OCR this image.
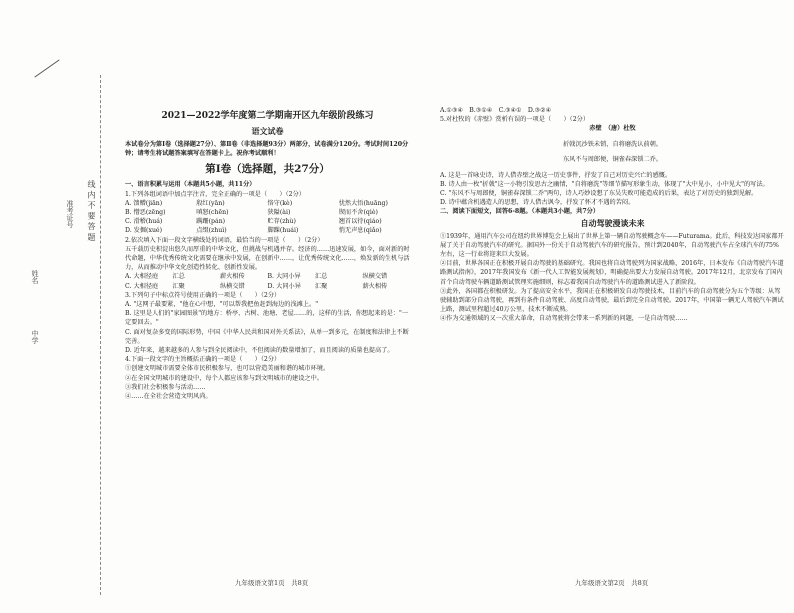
中学
姓名
准考证号	线 内 不 要 答 题
2021—2022学年度第二学期南开区九年级阶段练习
语文试卷

本试卷分为第Ⅰ卷（选择题27分）、第Ⅱ卷（非选择题93分）两部分，试卷满分120分。考试时间120分钟；请考生将试题答案填写在答题卡上。祝你考试顺利！

第Ⅰ卷（选择题，共27分）

一、语言积累与运用（本题共5小题，共11分）

1.下列各组词语中加点字注音，完全正确的一项是（　　）（2分）

A. 馈赠(jiān)	殷红(yān)	恪守(kè)	忧然大悟(huāng)
B. 憎恶(zēng)	嗔怒(chēn)	狭隘(ài)	锲而不舍(qiè)
C. 滑稽(huá)	蹒跚(pán)	贮存(zhù)	翘首以待(qiáo)
D. 发掘(xué)	点缀(zhuì)	脚踝(huái)	悄无声息(qiǎo)

2.依次填入下面一段文字横线处的词语，最恰当的一项是（　　）（2分）

五千载历史积淀出悠久而厚重的中华文化，但挑战与机遇并存。经济的……迅速发展，如今，面对新的时代命题，中华优秀传统文化需要在继承中发展，在创新中……，让优秀传统文化……，焕发新的生机与活力，从而推动中华文化创造性转化、创新性发展。

A. 大相径庭	汇总	薪火相传	B. 大同小异	汇总	纵横交错
C. 大相径庭	汇聚	纵横交错	D. 大同小异	汇聚	薪火相传

3.下列句子中标点符号使用正确的一项是（　　）（2分）

A. "这网子最要紧，"他在心中想，"可以帮我把鱼赶到海边的浅滩上。"

B. 这里是人们的"家园图景"的地方：桥亭、古树、池塘、老屋……的，这样的生活，你想起来的是："一定要回去。"

C. 面对复杂多变的国际形势，中国《中华人民共和国对外关系法》，从单一到多元，在制度和法律上不断完善。

D. 近年来，越来越多的人参与到全民阅读中，不但阅读的数量增加了，而且阅读的质量也提高了。

4.下面一段文字的主旨概括正确的一项是（　　）（2分）

①创建文明城市需要全体市民积极参与，也可以营造美丽和谐的城市环境。

②在全国文明城市的建设中，每个人都应该参与到文明城市的建设之中。

③我们社会积极参与活动……

④……在全社会营造文明风尚。

九年级语文第1页　共8页

A.①③④　B.③①④　C.③④①　D.③②④

5.对杜牧的《赤壁》赏析有误的一项是（　　）（2分）

赤壁　（唐）杜牧

折戟沉沙铁未销，自将磨洗认前朝。

东风不与周郎便，铜雀春深锁二乔。

A. 这是一首咏史诗，诗人借赤壁之战这一历史事件，抒发了自己对历史兴亡的感慨。

B. 诗人由一枚"折戟"这一小物引发思古之幽情，"自将磨洗"等细节描写形象生动，体现了"大中见小，小中见大"的写法。

C. "东风不与周郎便，铜雀春深锁二乔"两句，诗人巧妙设想了东吴失败可能造成的后果，表达了对历史的独到见解。

D. 诗中蕴含机遇造人的思想，诗人借古讽今，抒发了怀才不遇的苦闷。

二、阅读下面短文，回答6-8题。（本题共3小题，共7分）

自动驾驶漫谈未来

①1939年，通用汽车公司在纽约世界博览会上展出了世界上第一辆自动驾驶概念车——Futurama。此后，科技发达国家都开展了关于自动驾驶汽车的研究。据国外一份关于自动驾驶汽车的研究报告，预计到2040年，自动驾驶汽车占全球汽车的75%左右，这一行业将迎来巨大发展。

②目前，世界各国正在积极开展自动驾驶的基础研究。我国也将自动驾驶列为国家战略，2016年，日本发布《自动驾驶汽车道路测试指南》，2017年我国发布《新一代人工智能发展规划》，明确提出要大力发展自动驾驶。2017年12月，北京发布了国内首个自动驾驶车辆道路测试管理实施细则，标志着我国自动驾驶汽车的道路测试进入了新阶段。

③此外，各国都在积极研发。为了提高安全水平，我国正在积极研发自动驾驶技术，目前汽车的自动驾驶分为五个等级：从驾驶辅助到部分自动驾驶，再到有条件自动驾驶、高度自动驾驶，最后到完全自动驾驶。2017年，中国第一辆无人驾驶汽车测试上路，测试里程超过40万公里，技术不断成熟。

④作为交通领域的又一次重大革命，自动驾驶将会带来一系列新的问题，一是自动驾驶……

九年级语文第2页　共8页
